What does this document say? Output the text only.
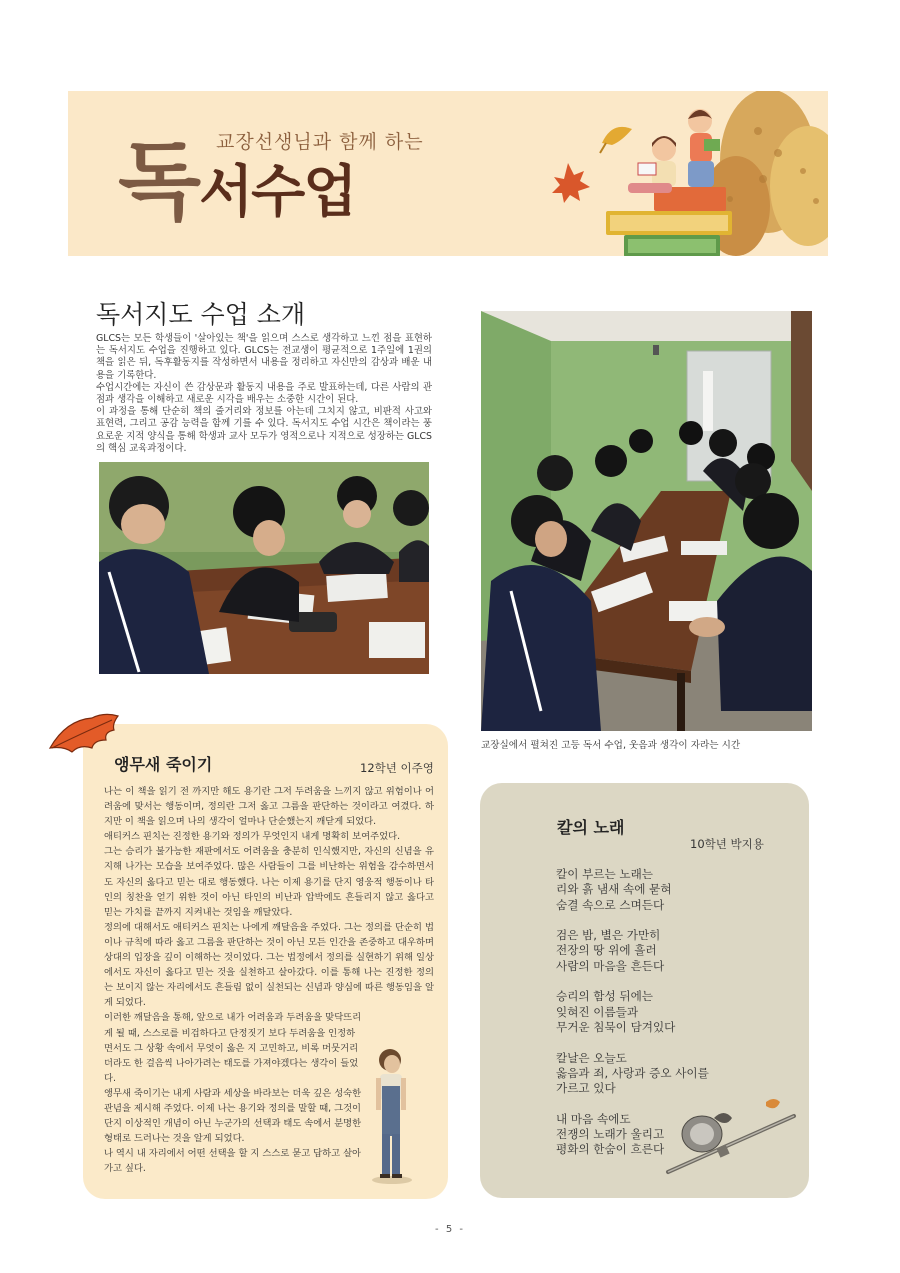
교장선생님과 함께 하는
독서수업
독서지도 수업 소개

GLCS는 모든 학생들이 '살아있는 책'을 읽으며 스스로 생각하고 느낀 점을 표현하는 독서지도 수업을 진행하고 있다. GLCS는 전교생이 평균적으로 1주일에 1권의 책을 읽은 뒤, 독후활동지를 작성하면서 내용을 정리하고 자신만의 감상과 배운 내용을 기록한다.

수업시간에는 자신이 쓴 감상문과 활동지 내용을 주로 발표하는데, 다른 사람의 관점과 생각을 이해하고 새로운 시각을 배우는 소중한 시간이 된다.

이 과정을 통해 단순히 책의 줄거리와 정보를 아는데 그치지 않고, 비판적 사고와 표현력, 그리고 공감 능력을 함께 기를 수 있다. 독서지도 수업 시간은 책이라는 풍요로운 지적 양식을 통해 학생과 교사 모두가 영적으로나 지적으로 성장하는 GLCS의 핵심 교육과정이다.

교장실에서 펼쳐진 고등 독서 수업, 웃음과 생각이 자라는 시간
앵무새 죽이기	12학년 이주영

나는 이 책을 읽기 전 까지만 해도 용기란 그저 두려움을 느끼지 않고 위험이나 어려움에 맞서는 행동이며, 정의란 그저 옳고 그름을 판단하는 것이라고 여겼다. 하지만 이 책을 읽으며 나의 생각이 얼마나 단순했는지 깨닫게 되었다.

애티커스 핀치는 진정한 용기와 정의가 무엇인지 내게 명확히 보여주었다.

그는 승리가 불가능한 재판에서도 어려움을 충분히 인식했지만, 자신의 신념을 유지해 나가는 모습을 보여주었다. 많은 사람들이 그를 비난하는 위험을 감수하면서도 자신의 옳다고 믿는 대로 행동했다. 나는 이제 용기를 단지 영웅적 행동이나 타인의 칭찬을 얻기 위한 것이 아닌 타인의 비난과 압박에도 흔들리지 않고 옳다고 믿는 가치를 끝까지 지켜내는 것임을 깨달았다.

정의에 대해서도 애티커스 핀치는 나에게 깨달음을 주었다. 그는 정의를 단순히 법이나 규칙에 따라 옳고 그름을 판단하는 것이 아닌 모든 인간을 존중하고 대우하며 상대의 입장을 깊이 이해하는 것이었다. 그는 법정에서 정의를 실현하기 위해 일상에서도 자신이 옳다고 믿는 것을 실천하고 살아갔다. 이를 통해 나는 진정한 정의는 보이지 않는 자리에서도 흔들림 없이 실천되는 신념과 양심에 따른 행동임을 알게 되었다.

이러한 깨달음을 통해, 앞으로 내가 어려움과 두려움을 맞닥뜨리게 될 때, 스스로를 비겁하다고 단정짓기 보다 두려움을 인정하면서도 그 상황 속에서 무엇이 옳은 지 고민하고, 비록 머뭇거리더라도 한 걸음씩 나아가려는 태도를 가져야겠다는 생각이 들었다.

앵무새 죽이기는 내게 사람과 세상을 바라보는 더욱 깊은 성숙한 관념을 제시해 주었다. 이제 나는 용기와 정의를 말할 때, 그것이 단지 이상적인 개념이 아닌 누군가의 선택과 태도 속에서 분명한 형태로 드러나는 것을 알게 되었다.

나 역시 내 자리에서 어떤 선택을 할 지 스스로 묻고 답하고 살아가고 싶다.

칼의 노래
10학년 박지용
칼이 부르는 노래는
리와 흙 냄새 속에 묻혀
숨결 속으로 스며든다
검은 밤, 별은 가만히
전장의 땅 위에 흘러
사람의 마음을 흔든다
승리의 함성 뒤에는
잊혀진 이름들과
무거운 침묵이 담겨있다
칼날은 오늘도
옳음과 죄, 사랑과 증오 사이를
가르고 있다
내 마음 속에도
전쟁의 노래가 울리고
평화의 한숨이 흐른다
- 5 -
